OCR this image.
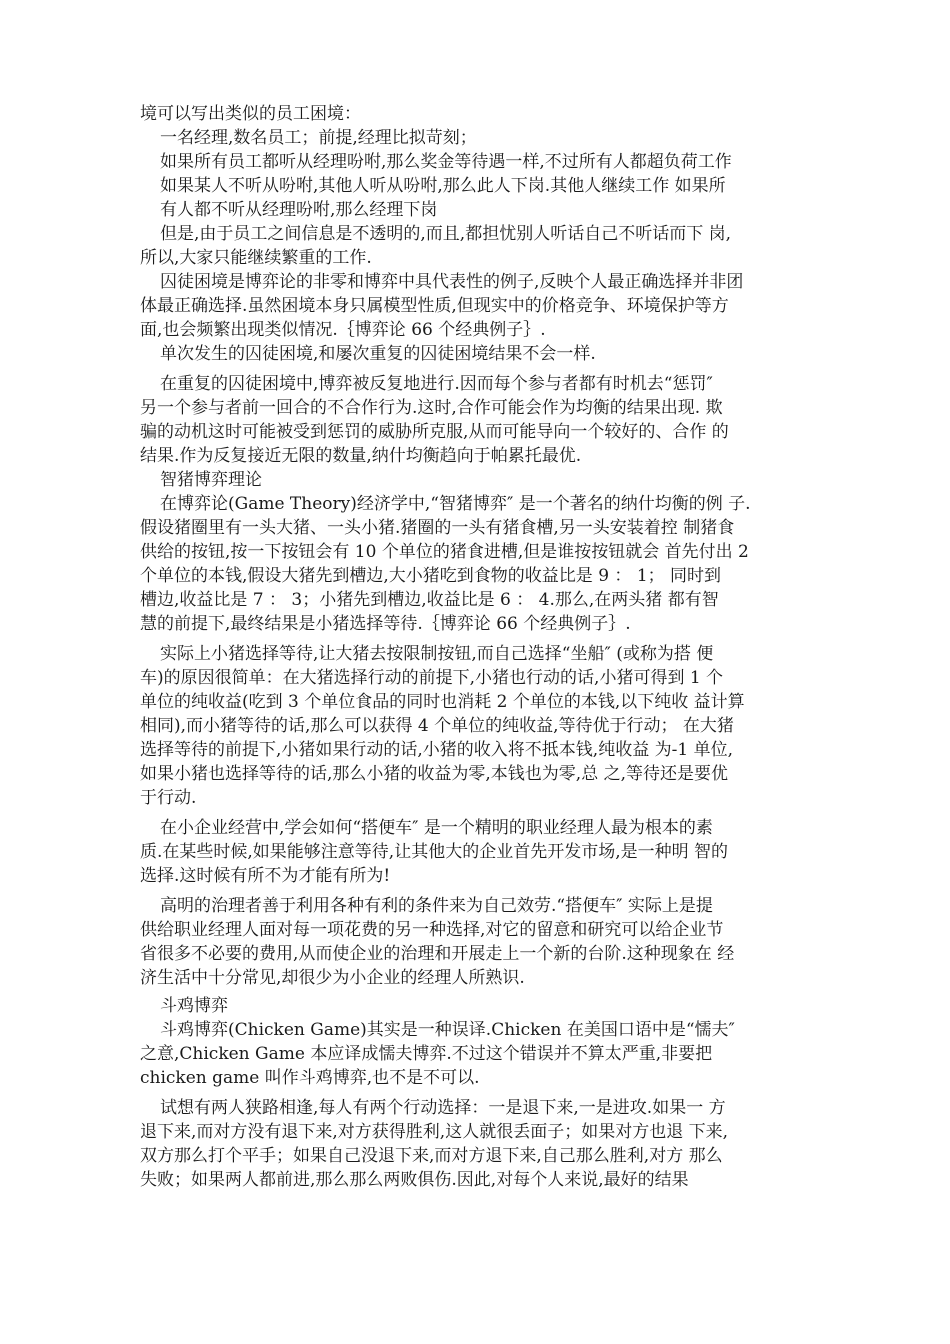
境可以写出类似的员工困境：
一名经理,数名员工；前提,经理比拟苛刻；
如果所有员工都听从经理吩咐,那么奖金等待遇一样,不过所有人都超负荷工作
如果某人不听从吩咐,其他人听从吩咐,那么此人下岗.其他人继续工作 如果所
有人都不听从经理吩咐,那么经理下岗
但是,由于员工之间信息是不透明的,而且,都担忧别人听话自己不听话而下 岗,
所以,大家只能继续繁重的工作.
囚徒困境是博弈论的非零和博弈中具代表性的例子,反映个人最正确选择并非团
体最正确选择.虽然困境本身只属模型性质,但现实中的价格竞争、环境保护等方
面,也会频繁出现类似情况.｛博弈论 66 个经典例子｝.
单次发生的囚徒困境,和屡次重复的囚徒困境结果不会一样.
在重复的囚徒困境中,博弈被反复地进行.因而每个参与者都有时机去“惩罚″
另一个参与者前一回合的不合作行为.这时,合作可能会作为均衡的结果出现. 欺
骗的动机这时可能被受到惩罚的威胁所克服,从而可能导向一个较好的、合作 的
结果.作为反复接近无限的数量,纳什均衡趋向于帕累托最优.
智猪博弈理论
在博弈论(Game Theory)经济学中,“智猪博弈″ 是一个著名的纳什均衡的例 子.
假设猪圈里有一头大猪、一头小猪.猪圈的一头有猪食槽,另一头安装着控 制猪食
供给的按钮,按一下按钮会有 10 个单位的猪食进槽,但是谁按按钮就会 首先付出 2
个单位的本钱,假设大猪先到槽边,大小猪吃到食物的收益比是 9 ： 1； 同时到
槽边,收益比是 7 ： 3；小猪先到槽边,收益比是 6 ： 4.那么,在两头猪 都有智
慧的前提下,最终结果是小猪选择等待.｛博弈论 66 个经典例子｝.
实际上小猪选择等待,让大猪去按限制按钮,而自己选择“坐船″ (或称为搭 便
车)的原因很简单：在大猪选择行动的前提下,小猪也行动的话,小猪可得到 1 个
单位的纯收益(吃到 3 个单位食品的同时也消耗 2 个单位的本钱,以下纯收 益计算
相同),而小猪等待的话,那么可以获得 4 个单位的纯收益,等待优于行动； 在大猪
选择等待的前提下,小猪如果行动的话,小猪的收入将不抵本钱,纯收益 为-1 单位,
如果小猪也选择等待的话,那么小猪的收益为零,本钱也为零,总 之,等待还是要优
于行动.
在小企业经营中,学会如何“搭便车″ 是一个精明的职业经理人最为根本的素
质.在某些时候,如果能够注意等待,让其他大的企业首先开发市场,是一种明 智的
选择.这时候有所不为才能有所为!
高明的治理者善于利用各种有利的条件来为自己效劳.“搭便车″ 实际上是提
供给职业经理人面对每一项花费的另一种选择,对它的留意和研究可以给企业节
省很多不必要的费用,从而使企业的治理和开展走上一个新的台阶.这种现象在 经
济生活中十分常见,却很少为小企业的经理人所熟识.
斗鸡博弈
斗鸡博弈(Chicken Game)其实是一种误译.Chicken 在美国口语中是“懦夫″
之意,Chicken Game 本应译成懦夫博弈.不过这个错误并不算太严重,非要把
chicken game 叫作斗鸡博弈,也不是不可以.
试想有两人狭路相逢,每人有两个行动选择：一是退下来,一是进攻.如果一 方
退下来,而对方没有退下来,对方获得胜利,这人就很丢面子；如果对方也退 下来,
双方那么打个平手；如果自己没退下来,而对方退下来,自己那么胜利,对方 那么
失败；如果两人都前进,那么那么两败俱伤.因此,对每个人来说,最好的结果
